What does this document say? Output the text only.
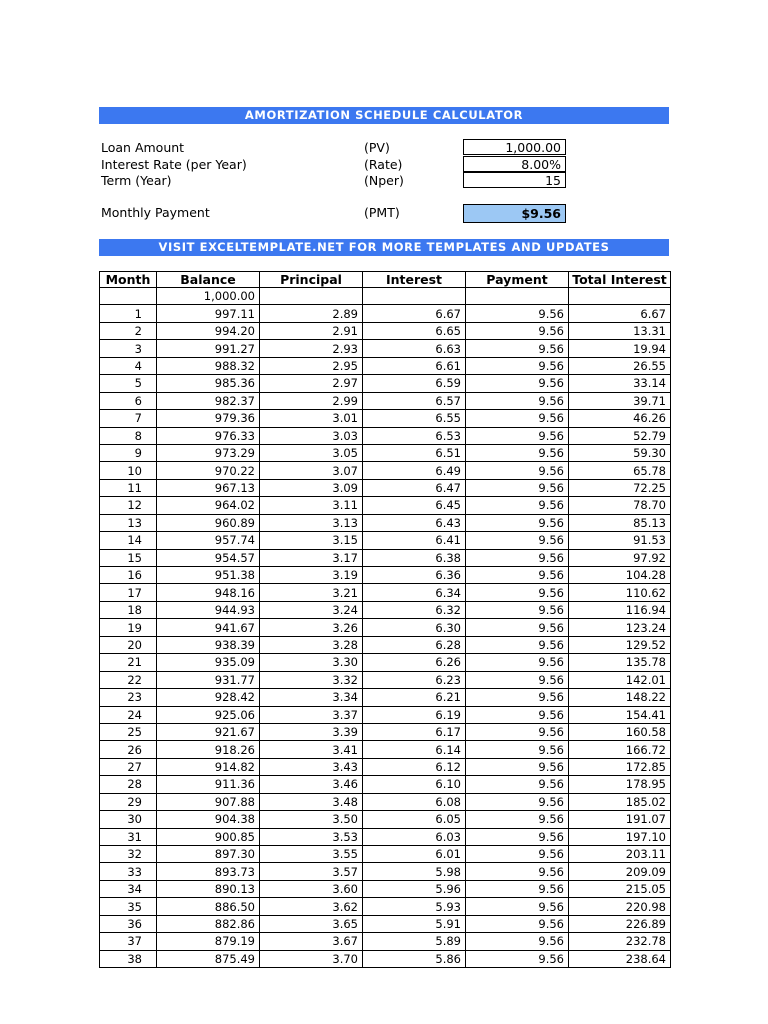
AMORTIZATION SCHEDULE CALCULATOR
Loan Amount	(PV)	1,000.00
Interest Rate (per Year)	(Rate)	8.00%
Term (Year)	(Nper)	15
Monthly Payment	(PMT)	$9.56
VISIT EXCELTEMPLATE.NET FOR MORE TEMPLATES AND UPDATES
Month	Balance	Principal	Interest	Payment	Total Interest
	1,000.00				
1	997.11	2.89	6.67	9.56	6.67
2	994.20	2.91	6.65	9.56	13.31
3	991.27	2.93	6.63	9.56	19.94
4	988.32	2.95	6.61	9.56	26.55
5	985.36	2.97	6.59	9.56	33.14
6	982.37	2.99	6.57	9.56	39.71
7	979.36	3.01	6.55	9.56	46.26
8	976.33	3.03	6.53	9.56	52.79
9	973.29	3.05	6.51	9.56	59.30
10	970.22	3.07	6.49	9.56	65.78
11	967.13	3.09	6.47	9.56	72.25
12	964.02	3.11	6.45	9.56	78.70
13	960.89	3.13	6.43	9.56	85.13
14	957.74	3.15	6.41	9.56	91.53
15	954.57	3.17	6.38	9.56	97.92
16	951.38	3.19	6.36	9.56	104.28
17	948.16	3.21	6.34	9.56	110.62
18	944.93	3.24	6.32	9.56	116.94
19	941.67	3.26	6.30	9.56	123.24
20	938.39	3.28	6.28	9.56	129.52
21	935.09	3.30	6.26	9.56	135.78
22	931.77	3.32	6.23	9.56	142.01
23	928.42	3.34	6.21	9.56	148.22
24	925.06	3.37	6.19	9.56	154.41
25	921.67	3.39	6.17	9.56	160.58
26	918.26	3.41	6.14	9.56	166.72
27	914.82	3.43	6.12	9.56	172.85
28	911.36	3.46	6.10	9.56	178.95
29	907.88	3.48	6.08	9.56	185.02
30	904.38	3.50	6.05	9.56	191.07
31	900.85	3.53	6.03	9.56	197.10
32	897.30	3.55	6.01	9.56	203.11
33	893.73	3.57	5.98	9.56	209.09
34	890.13	3.60	5.96	9.56	215.05
35	886.50	3.62	5.93	9.56	220.98
36	882.86	3.65	5.91	9.56	226.89
37	879.19	3.67	5.89	9.56	232.78
38	875.49	3.70	5.86	9.56	238.64
